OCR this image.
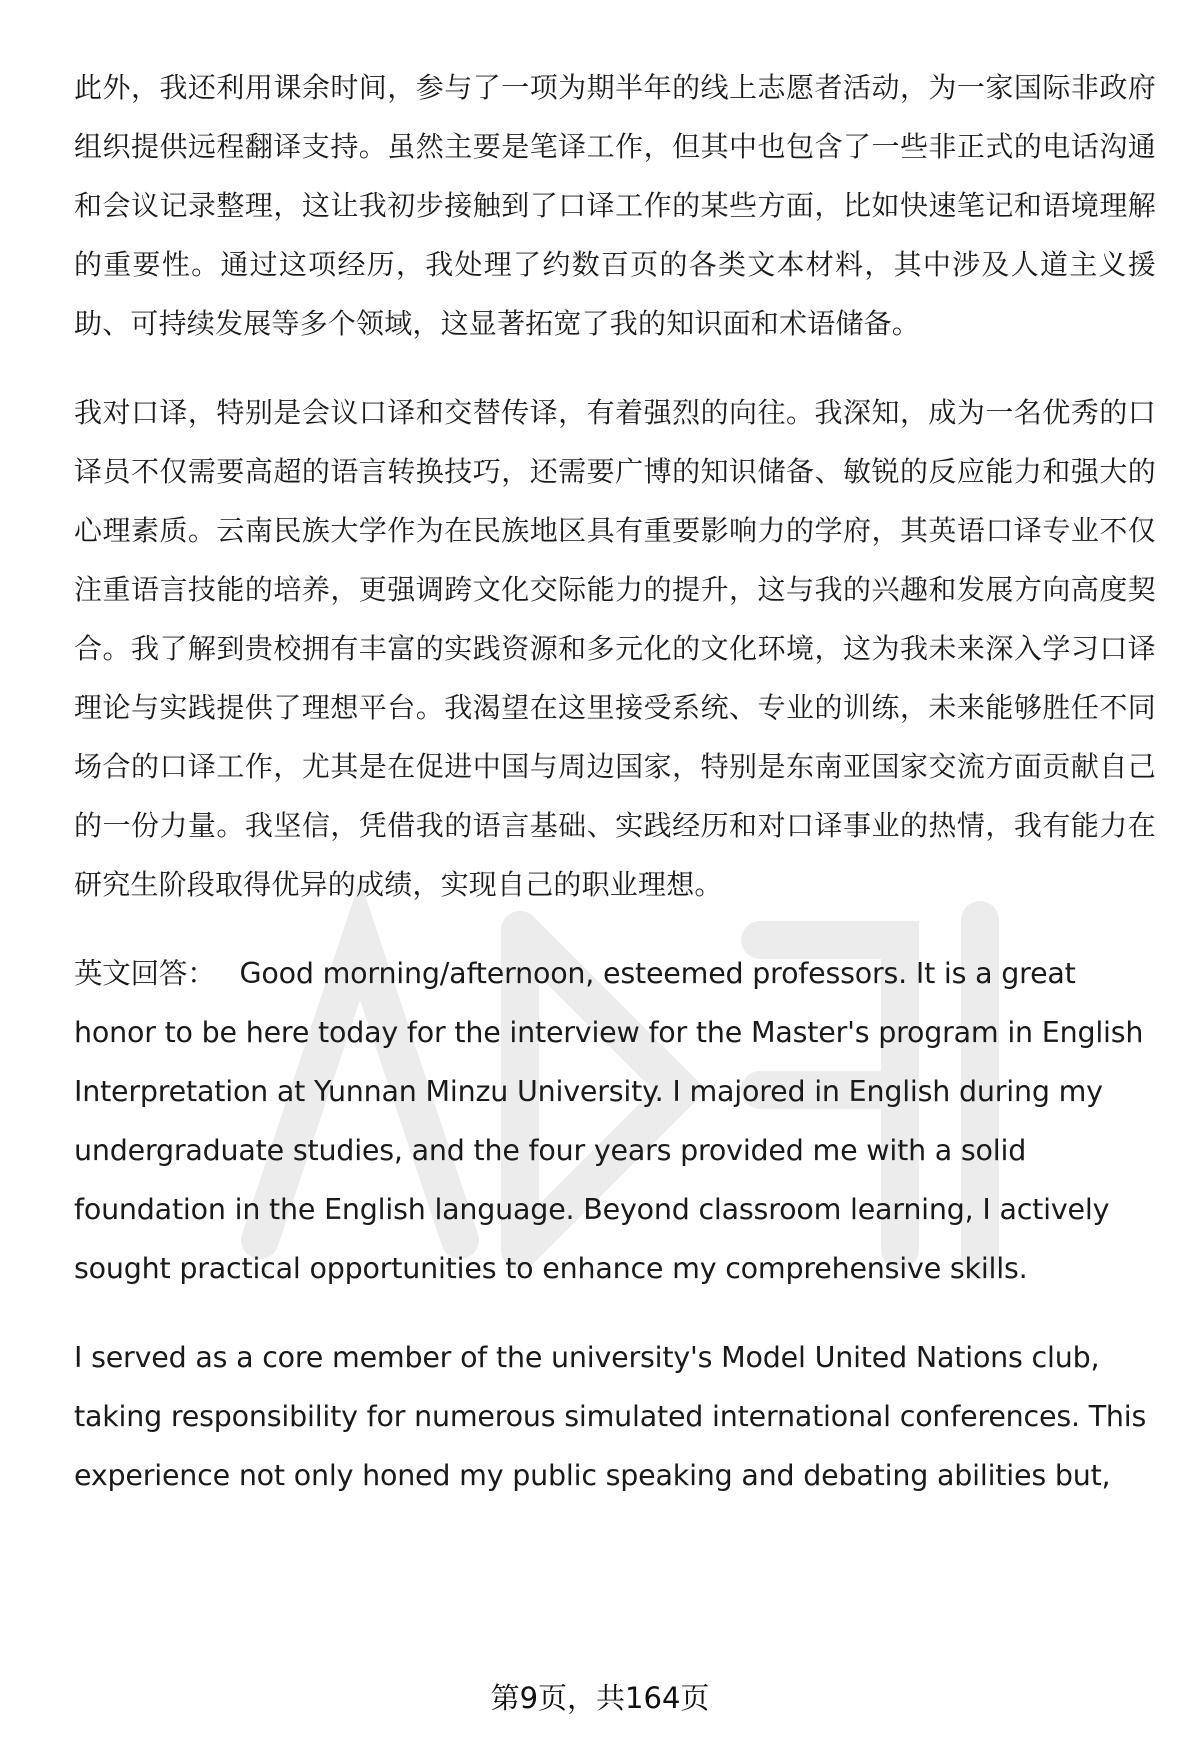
此外，我还利用课余时间，参与了一项为期半年的线上志愿者活动，为一家国际非政府组织提供远程翻译支持。虽然主要是笔译工作，但其中也包含了一些非正式的电话沟通和会议记录整理，这让我初步接触到了口译工作的某些方面，比如快速笔记和语境理解的重要性。通过这项经历，我处理了约数百页的各类文本材料，其中涉及人道主义援助、可持续发展等多个领域，这显著拓宽了我的知识面和术语储备。

我对口译，特别是会议口译和交替传译，有着强烈的向往。我深知，成为一名优秀的口译员不仅需要高超的语言转换技巧，还需要广博的知识储备、敏锐的反应能力和强大的心理素质。云南民族大学作为在民族地区具有重要影响力的学府，其英语口译专业不仅注重语言技能的培养，更强调跨文化交际能力的提升，这与我的兴趣和发展方向高度契合。我了解到贵校拥有丰富的实践资源和多元化的文化环境，这为我未来深入学习口译理论与实践提供了理想平台。我渴望在这里接受系统、专业的训练，未来能够胜任不同场合的口译工作，尤其是在促进中国与周边国家，特别是东南亚国家交流方面贡献自己的一份力量。我坚信，凭借我的语言基础、实践经历和对口译事业的热情，我有能力在研究生阶段取得优异的成绩，实现自己的职业理想。

英文回答： Good morning/afternoon, esteemed professors. It is a great honor to be here today for the interview for the Master's program in English Interpretation at Yunnan Minzu University. I majored in English during my undergraduate studies, and the four years provided me with a solid foundation in the English language. Beyond classroom learning, I actively sought practical opportunities to enhance my comprehensive skills.

I served as a core member of the university's Model United Nations club, taking responsibility for numerous simulated international conferences. This experience not only honed my public speaking and debating abilities but,

第9页，共164页
